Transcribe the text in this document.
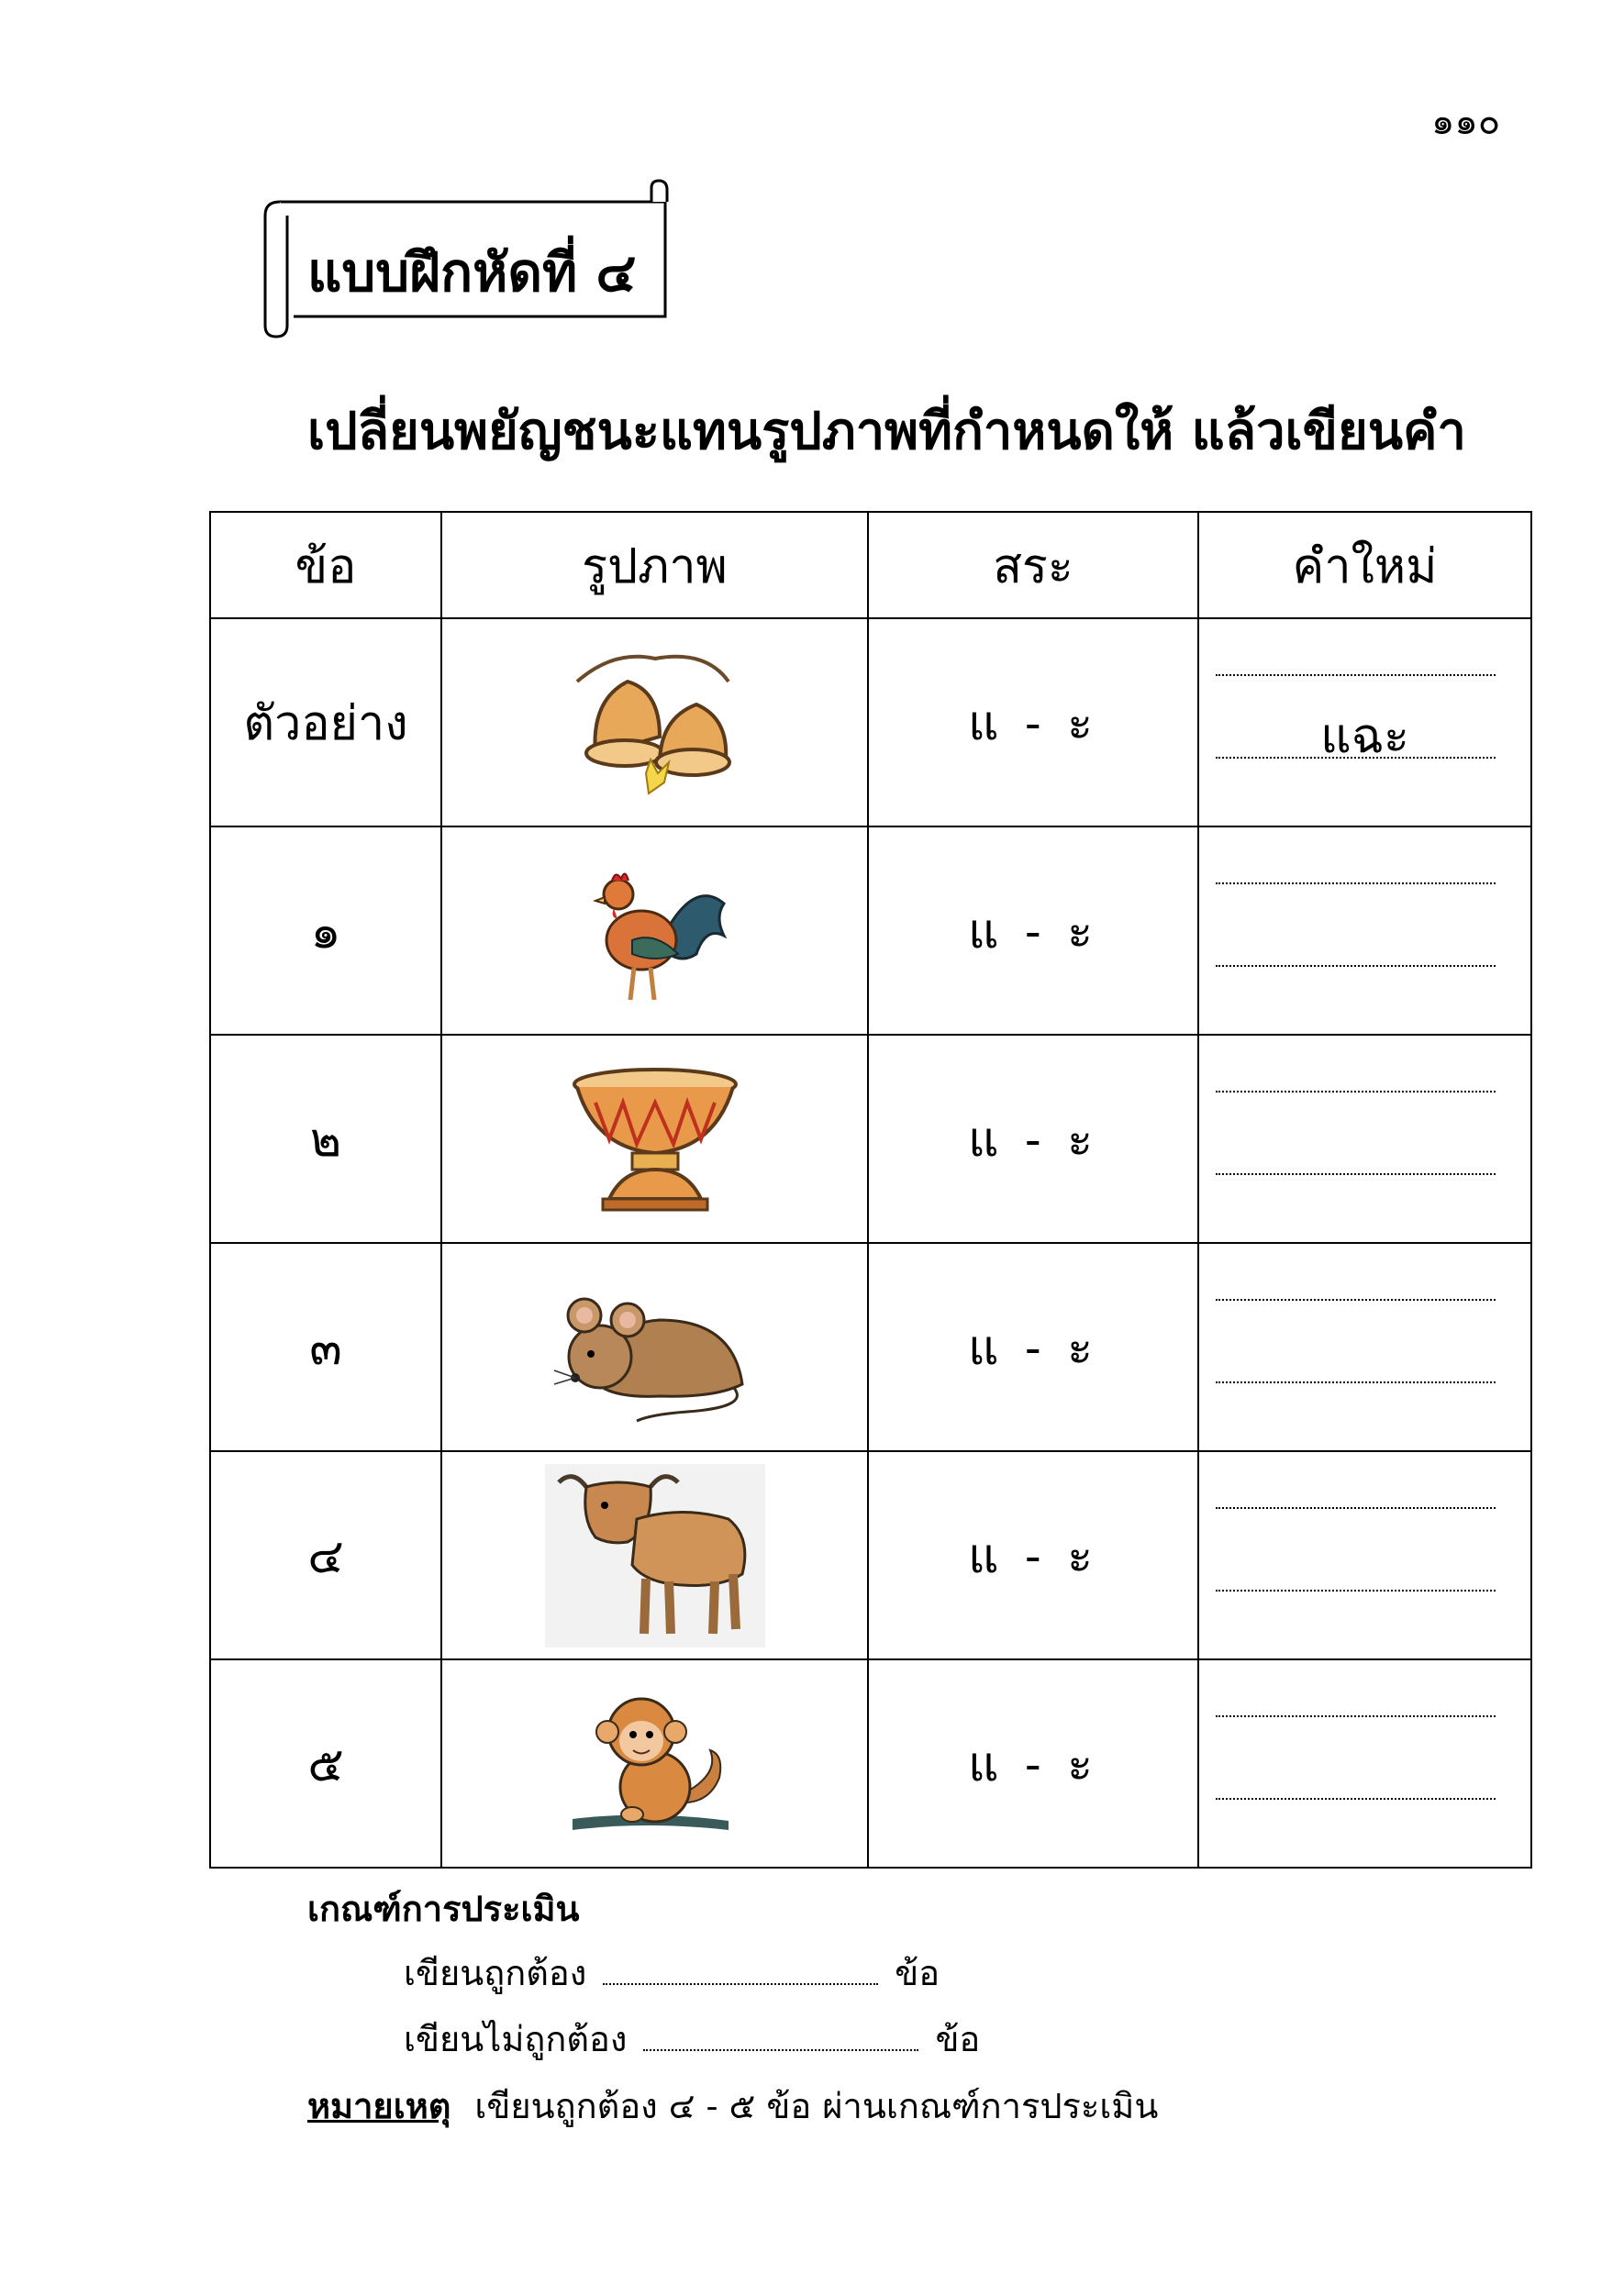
๑๑๐
แบบฝึกหัดที่ ๔
เปลี่ยนพยัญชนะแทนรูปภาพที่กำหนดให้ แล้วเขียนคำ
ข้อ	รูปภาพ	สระ	คำใหม่
ตัวอย่าง		แ - ะ	แฉะ

๑		แ - ะ	

๒		แ - ะ	

๓		แ - ะ	

๔		แ - ะ	

๕		แ - ะ	
เกณฑ์การประเมิน
เขียนถูกต้อง	ข้อ
เขียนไม่ถูกต้อง	ข้อ
หมายเหตุ เขียนถูกต้อง ๔ - ๕ ข้อ ผ่านเกณฑ์การประเมิน
